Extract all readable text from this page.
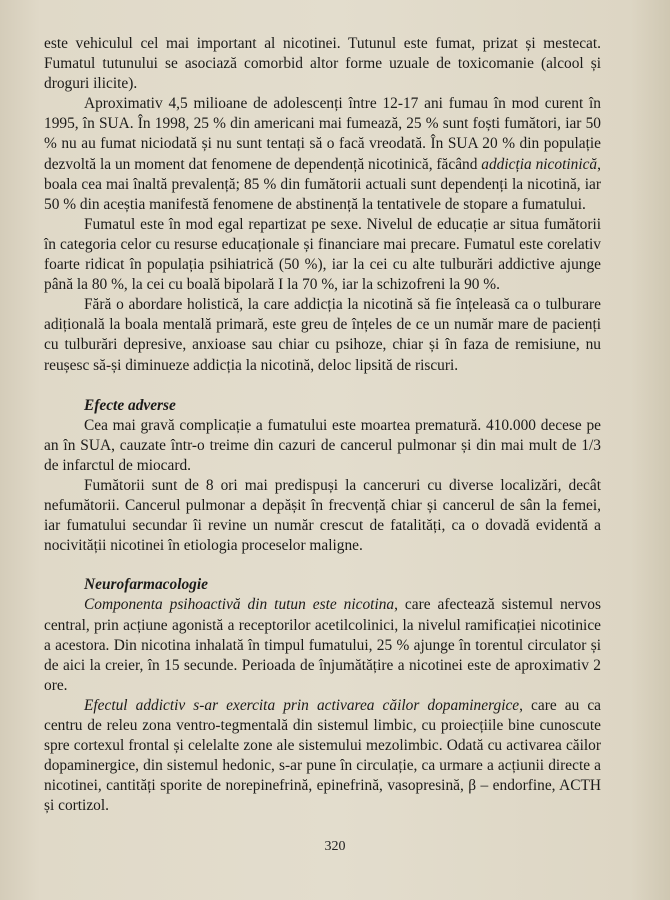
este vehiculul cel mai important al nicotinei. Tutunul este fumat, prizat și mestecat. Fumatul tutunului se asociază comorbid altor forme uzuale de toxicomanie (alcool și droguri ilicite).

Aproximativ 4,5 milioane de adolescenți între 12-17 ani fumau în mod curent în 1995, în SUA. În 1998, 25 % din americani mai fumează, 25 % sunt foști fumători, iar 50 % nu au fumat niciodată și nu sunt tentați să o facă vreodată. În SUA 20 % din populație dezvoltă la un moment dat fenomene de dependență nicotinică, făcând addicția nicotinică, boala cea mai înaltă prevalență; 85 % din fumătorii actuali sunt dependenți la nicotină, iar 50 % din aceștia manifestă fenomene de abstinență la tentativele de stopare a fumatului.

Fumatul este în mod egal repartizat pe sexe. Nivelul de educație ar situa fumătorii în categoria celor cu resurse educaționale și financiare mai precare. Fumatul este corelativ foarte ridicat în populația psihiatrică (50 %), iar la cei cu alte tulburări addictive ajunge până la 80 %, la cei cu boală bipolară I la 70 %, iar la schizofreni la 90 %.

Fără o abordare holistică, la care addicția la nicotină să fie înțeleasă ca o tulburare adițională la boala mentală primară, este greu de înțeles de ce un număr mare de pacienți cu tulburări depresive, anxioase sau chiar cu psihoze, chiar și în faza de remisiune, nu reușesc să-și diminueze addicția la nicotină, deloc lipsită de riscuri.

Efecte adverse

Cea mai gravă complicație a fumatului este moartea prematură. 410.000 decese pe an în SUA, cauzate într-o treime din cazuri de cancerul pulmonar și din mai mult de 1/3 de infarctul de miocard.

Fumătorii sunt de 8 ori mai predispuși la canceruri cu diverse localizări, decât nefumătorii. Cancerul pulmonar a depășit în frecvență chiar și cancerul de sân la femei, iar fumatului secundar îi revine un număr crescut de fatalități, ca o dovadă evidentă a nocivității nicotinei în etiologia proceselor maligne.

Neurofarmacologie

Componenta psihoactivă din tutun este nicotina, care afectează sistemul nervos central, prin acțiune agonistă a receptorilor acetilcolinici, la nivelul ramificației nicotinice a acestora. Din nicotina inhalată în timpul fumatului, 25 % ajunge în torentul circulator și de aici la creier, în 15 secunde. Perioada de înjumătățire a nicotinei este de aproximativ 2 ore.

Efectul addictiv s-ar exercita prin activarea căilor dopaminergice, care au ca centru de releu zona ventro-tegmentală din sistemul limbic, cu proiecțiile bine cunoscute spre cortexul frontal și celelalte zone ale sistemului mezolimbic. Odată cu activarea căilor dopaminergice, din sistemul hedonic, s-ar pune în circulație, ca urmare a acțiunii directe a nicotinei, cantități sporite de norepinefrină, epinefrină, vasopresină, β – endorfine, ACTH și cortizol.

320
